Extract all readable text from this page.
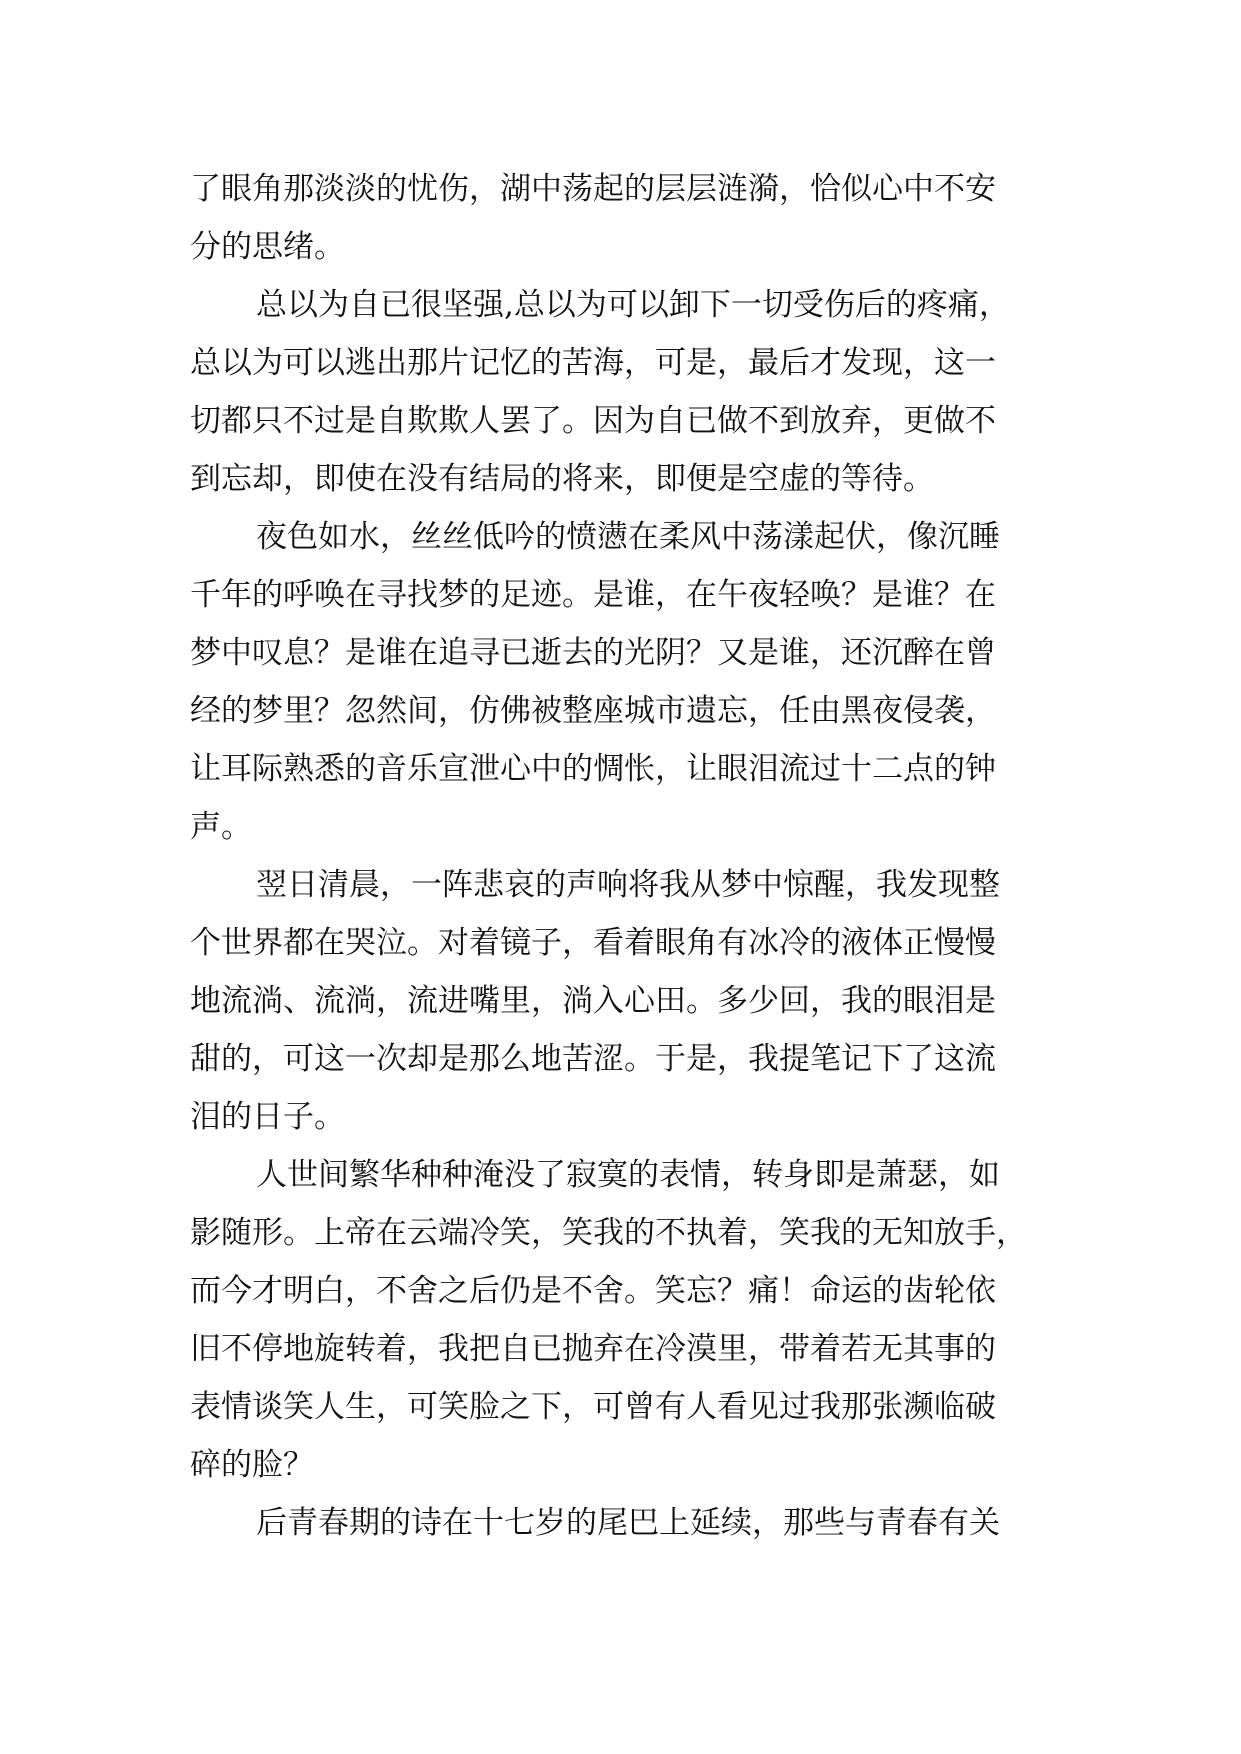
了眼角那淡淡的忧伤，湖中荡起的层层涟漪，恰似心中不安
分的思绪。
总以为自已很坚强,总以为可以卸下一切受伤后的疼痛，
总以为可以逃出那片记忆的苦海，可是，最后才发现，这一
切都只不过是自欺欺人罢了。因为自已做不到放弃，更做不
到忘却，即使在没有结局的将来，即便是空虚的等待。
夜色如水，丝丝低吟的愤懑在柔风中荡漾起伏，像沉睡
千年的呼唤在寻找梦的足迹。是谁，在午夜轻唤？是谁？在
梦中叹息？是谁在追寻已逝去的光阴？又是谁，还沉醉在曾
经的梦里？忽然间，仿佛被整座城市遗忘，任由黑夜侵袭，
让耳际熟悉的音乐宣泄心中的惆怅，让眼泪流过十二点的钟
声。
翌日清晨，一阵悲哀的声响将我从梦中惊醒，我发现整
个世界都在哭泣。对着镜子，看着眼角有冰冷的液体正慢慢
地流淌、流淌，流进嘴里，淌入心田。多少回，我的眼泪是
甜的，可这一次却是那么地苦涩。于是，我提笔记下了这流
泪的日子。
人世间繁华种种淹没了寂寞的表情，转身即是萧瑟，如
影随形。上帝在云端冷笑，笑我的不执着，笑我的无知放手，
而今才明白，不舍之后仍是不舍。笑忘？痛！命运的齿轮依
旧不停地旋转着，我把自已抛弃在冷漠里，带着若无其事的
表情谈笑人生，可笑脸之下，可曾有人看见过我那张濒临破
碎的脸？
后青春期的诗在十七岁的尾巴上延续，那些与青春有关
